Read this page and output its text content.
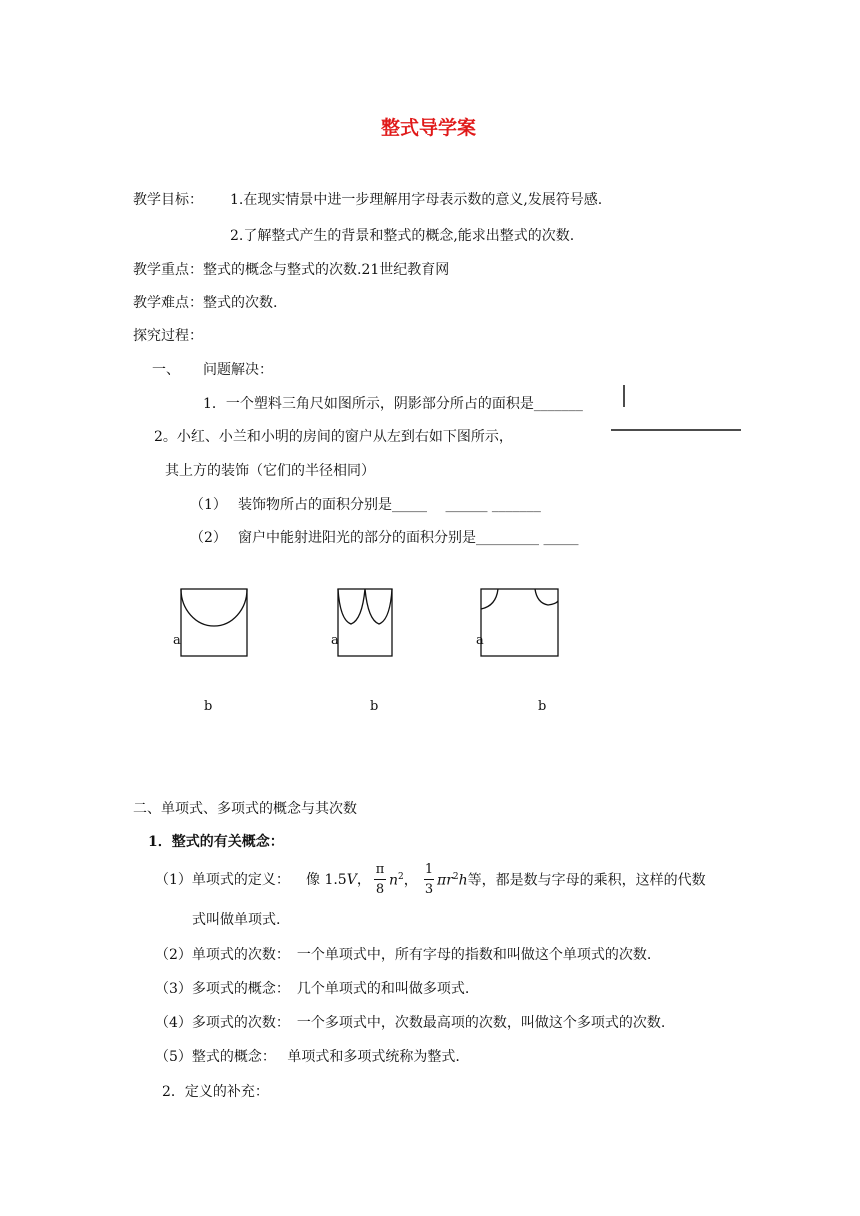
整式导学案
教学目标： 1.在现实情景中进一步理解用字母表示数的意义,发展符号感.
2.了解整式产生的背景和整式的概念,能求出整式的次数.
教学重点：整式的概念与整式的次数.21世纪教育网
教学难点：整式的次数.
探究过程：
一、 问题解决：
1．一个塑料三角尺如图所示，阴影部分所占的面积是_______
2。小红、小兰和小明的房间的窗户从左到右如下图所示，
其上方的装饰（它们的半径相同）
（1） 装饰物所占的面积分别是_____　 ______ _______
（2） 窗户中能射进阳光的部分的面积分别是_________ _____
a	a	a
b	b	b
二、单项式、多项式的概念与其次数
1．整式的有关概念：
（1）单项式的定义： 像 1.5V，
π
8
$n^2$，
1
3
$\pi r^2h$等，都是数与字母的乘积，这样的代数
式叫做单项式.
（2）单项式的次数：　一个单项式中，所有字母的指数和叫做这个单项式的次数.
（3）多项式的概念：　几个单项式的和叫做多项式.
（4）多项式的次数：　一个多项式中，次数最高项的次数，叫做这个多项式的次数.
（5）整式的概念：　 单项式和多项式统称为整式.
2．定义的补充：
